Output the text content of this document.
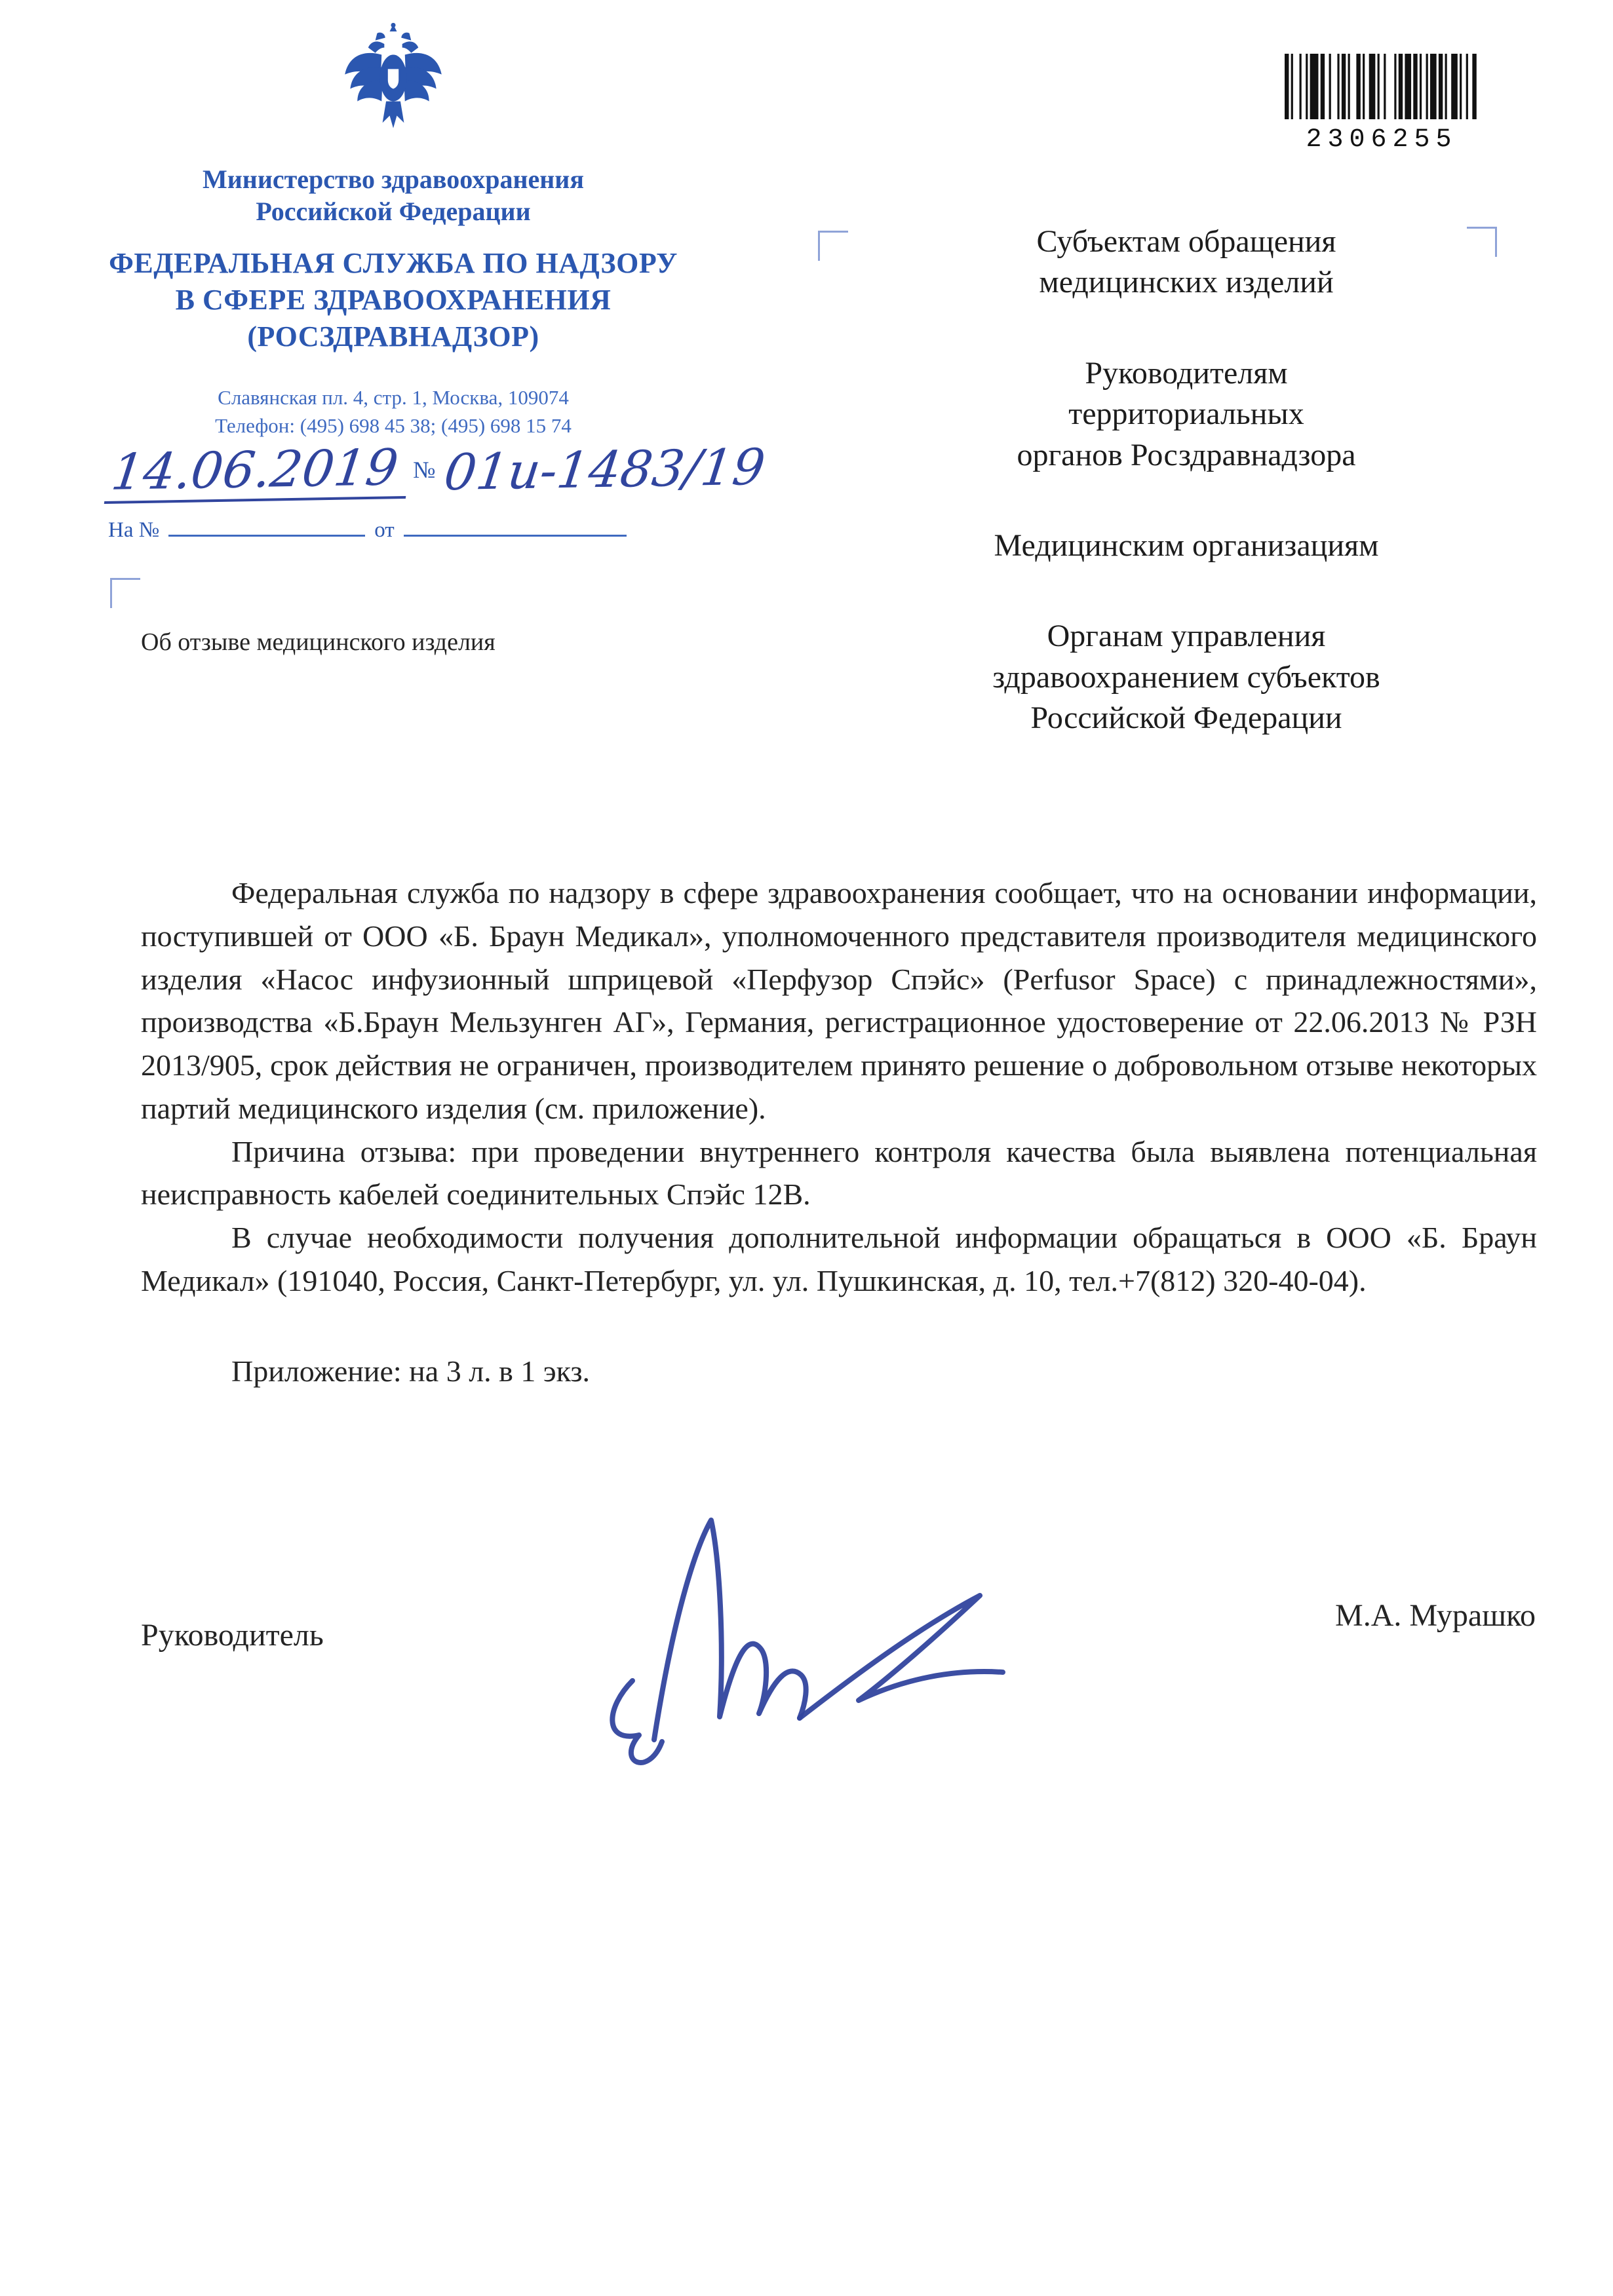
Министерство здравоохранения
Российской Федерации
ФЕДЕРАЛЬНАЯ СЛУЖБА ПО НАДЗОРУ
В СФЕРЕ ЗДРАВООХРАНЕНИЯ
(РОСЗДРАВНАДЗОР)
Славянская пл. 4, стр. 1, Москва, 109074
Телефон: (495) 698 45 38; (495) 698 15 74
14.06.2019 № 01и-1483/19
На №	от
Об отзыве медицинского изделия
2306255
Субъектам обращения
медицинских изделий
Руководителям
территориальных
органов Росздравнадзора
Медицинским организациям
Органам управления
здравоохранением субъектов
Российской Федерации

Федеральная служба по надзору в сфере здравоохранения сообщает, что на основании информации, поступившей от ООО «Б. Браун Медикал», уполномоченного представителя производителя медицинского изделия «Насос инфузионный шприцевой «Перфузор Спэйс» (Perfusor Space) с принадлежностями», производства «Б.Браун Мельзунген АГ», Германия, регистрационное удостоверение от 22.06.2013 № РЗН 2013/905, срок действия не ограничен, производителем принято решение о добровольном отзыве некоторых партий медицинского изделия (см. приложение).

Причина отзыва: при проведении внутреннего контроля качества была выявлена потенциальная неисправность кабелей соединительных Спэйс 12В.

В случае необходимости получения дополнительной информации обращаться в ООО «Б. Браун Медикал» (191040, Россия, Санкт-Петербург, ул. ул. Пушкинская, д. 10, тел.+7(812) 320-40-04).

Приложение: на 3 л. в 1 экз.
Руководитель
М.А. Мурашко
